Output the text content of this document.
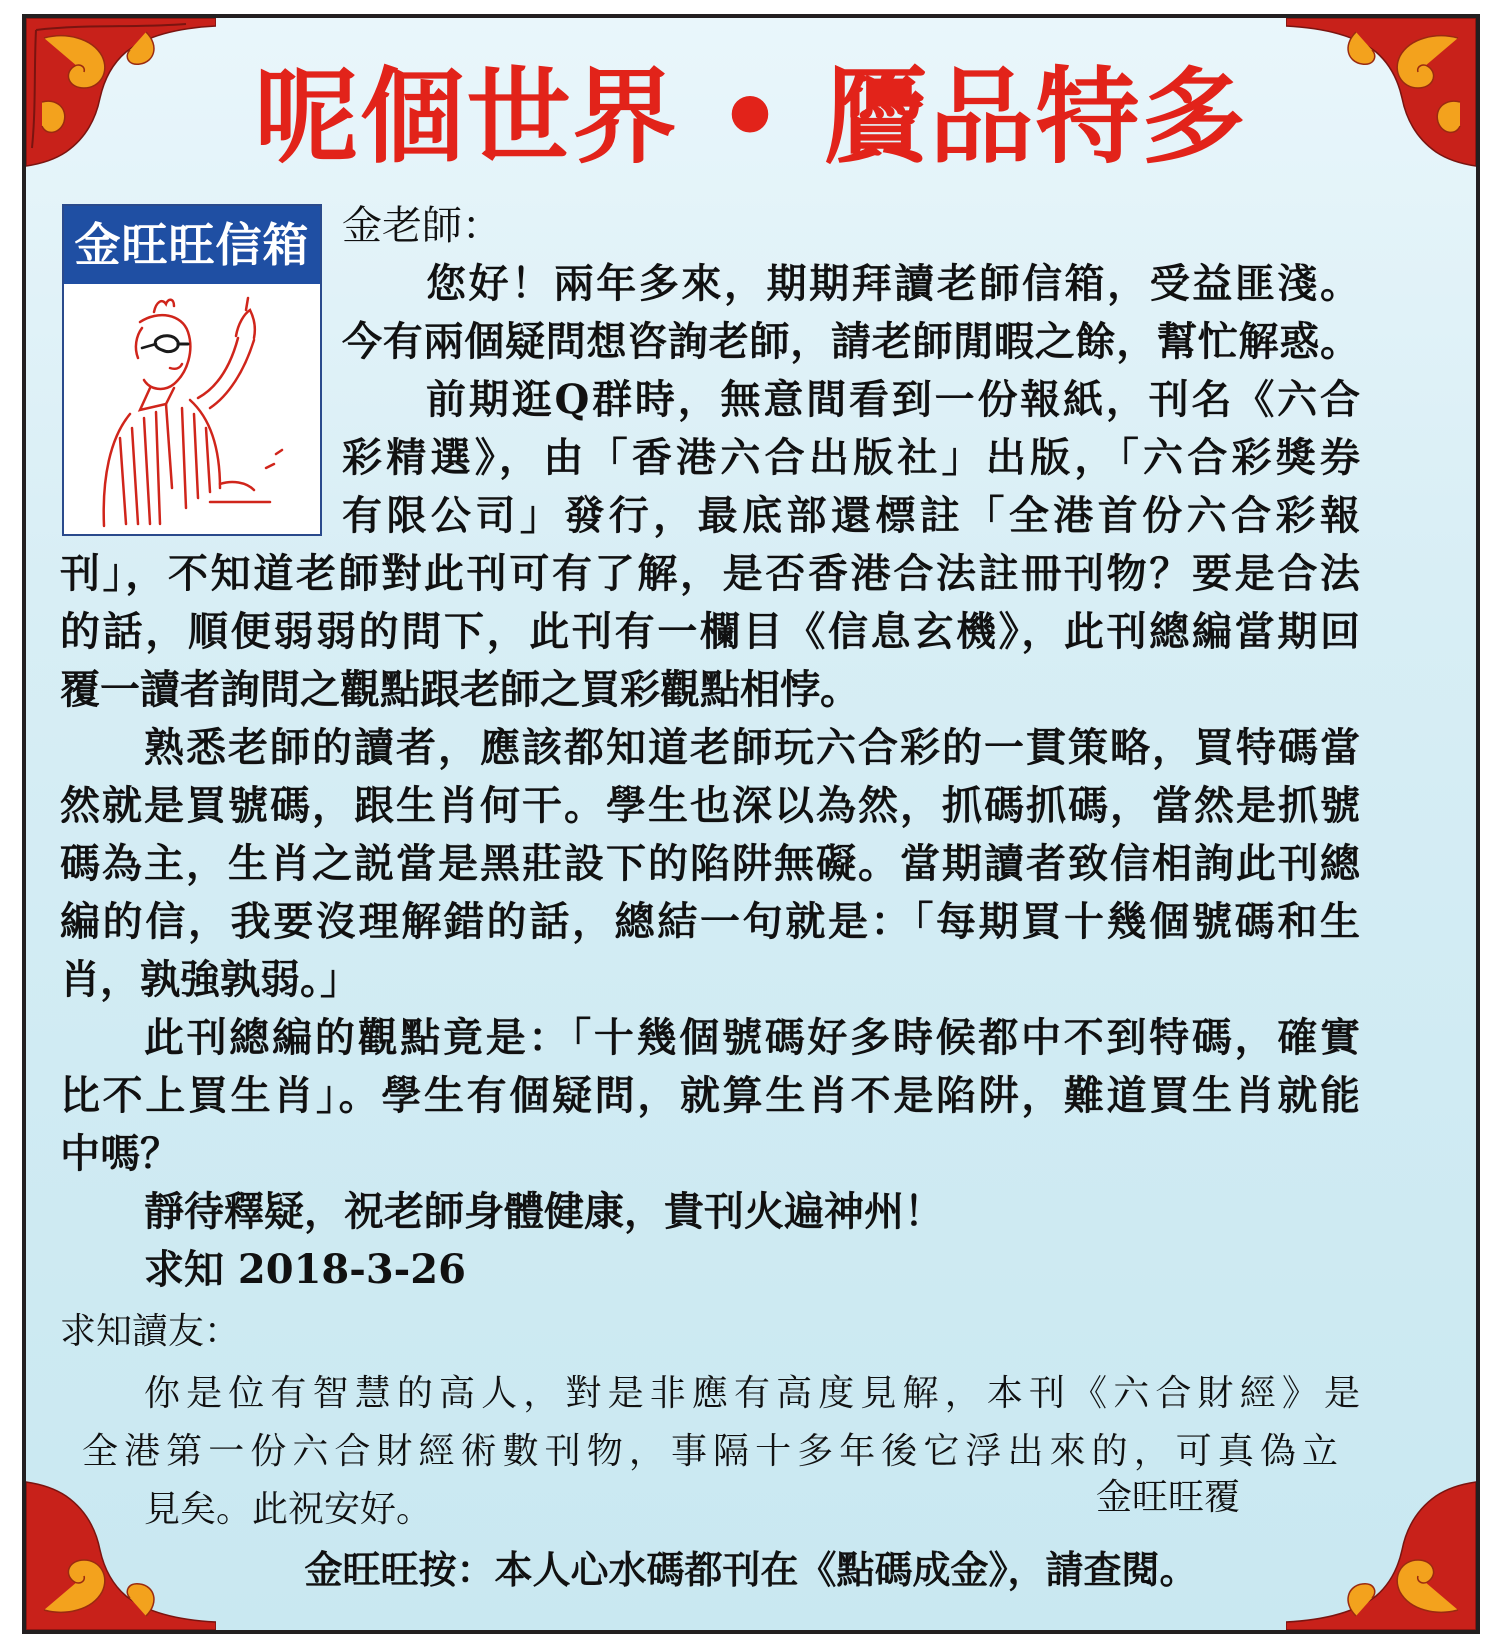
呢個世界 • 贗品特多
金旺旺信箱 金老師：
您好！兩年多來，期期拜讀老師信箱，受益匪淺。
今有兩個疑問想咨詢老師，請老師閒暇之餘，幫忙解惑。
前期逛Q群時，無意間看到一份報紙，刊名《六合
彩精選》，由「香港六合出版社」出版，「六合彩獎券
有限公司」發行，最底部還標註「全港首份六合彩報
刊」，不知道老師對此刊可有了解，是否香港合法註冊刊物？要是合法
的話，順便弱弱的問下，此刊有一欄目《信息玄機》，此刊總編當期回
覆一讀者詢問之觀點跟老師之買彩觀點相悖。
熟悉老師的讀者，應該都知道老師玩六合彩的一貫策略，買特碼當
然就是買號碼，跟生肖何干。學生也深以為然，抓碼抓碼，當然是抓號
碼為主，生肖之説當是黑莊設下的陷阱無礙。當期讀者致信相詢此刊總
編的信，我要沒理解錯的話，總結一句就是：「每期買十幾個號碼和生
肖，孰強孰弱。」
此刊總編的觀點竟是：「十幾個號碼好多時候都中不到特碼，確實
比不上買生肖」。學生有個疑問，就算生肖不是陷阱，難道買生肖就能
中嗎？
靜待釋疑，祝老師身體健康，貴刊火遍神州！
求知 2018-3-26
求知讀友：
你是位有智慧的高人，對是非應有高度見解，本刊《六合財經》是
全港第一份六合財經術數刊物，事隔十多年後它浮出來的，可真偽立
見矣。此祝安好。	金旺旺覆
金旺旺按：本人心水碼都刊在《點碼成金》，請查閱。
